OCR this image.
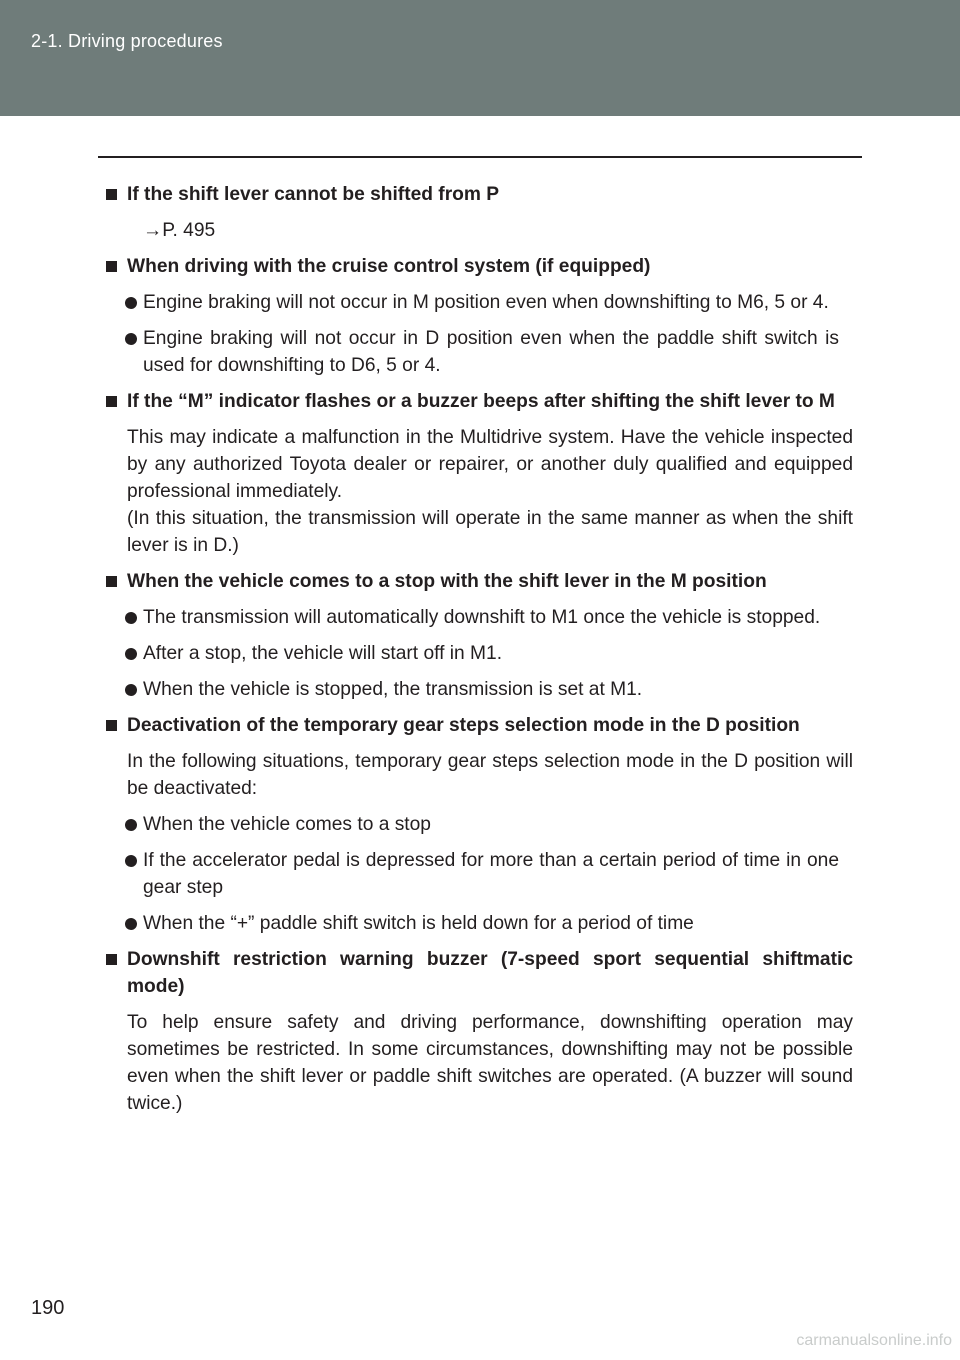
2-1. Driving procedures
If the shift lever cannot be shifted from P
→P. 495
When driving with the cruise control system (if equipped)
Engine braking will not occur in M position even when downshifting to M6, 5 or 4.
Engine braking will not occur in D position even when the paddle shift switch is used for downshifting to D6, 5 or 4.
If the “M” indicator flashes or a buzzer beeps after shifting the shift lever to M
This may indicate a malfunction in the Multidrive system. Have the vehicle inspected by any authorized Toyota dealer or repairer, or another duly qualified and equipped professional immediately.
(In this situation, the transmission will operate in the same manner as when the shift lever is in D.)
When the vehicle comes to a stop with the shift lever in the M position
The transmission will automatically downshift to M1 once the vehicle is stopped.
After a stop, the vehicle will start off in M1.
When the vehicle is stopped, the transmission is set at M1.
Deactivation of the temporary gear steps selection mode in the D position
In the following situations, temporary gear steps selection mode in the D position will be deactivated:
When the vehicle comes to a stop
If the accelerator pedal is depressed for more than a certain period of time in one gear step
When the “+” paddle shift switch is held down for a period of time
Downshift restriction warning buzzer (7-speed sport sequential shiftmatic mode)
To help ensure safety and driving performance, downshifting operation may sometimes be restricted. In some circumstances, downshifting may not be possible even when the shift lever or paddle shift switches are operated. (A buzzer will sound twice.)
190
carmanualsonline.info
